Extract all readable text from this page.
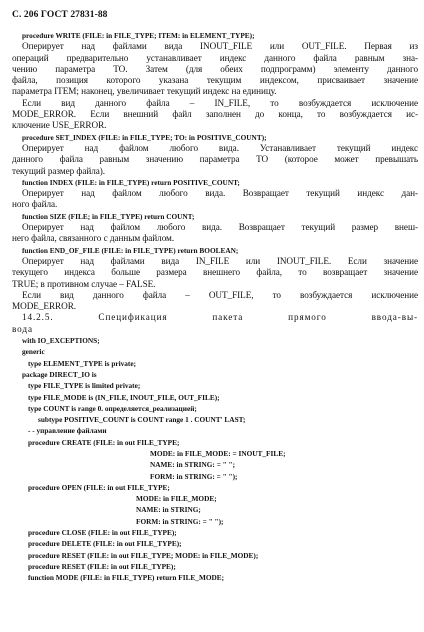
С. 206 ГОСТ 27831-88
procedure WRITE (FILE: in FILE_TYPE; ITEM: in ELEMENT_TYPE);
Оперирует над файлами вида INOUT_FILE или OUT_FILE. Первая из
операций предварительно устанавливает индекс данного файла равным зна-
чению параметра TO. Затем (для обеих подпрограмм) элементу данного
файла, позиция которого указана текущим индексом, присваивает значение
параметра ITEM; наконец, увеличивает текущий индекс на единицу.
Если вид данного файла – IN_FILE, то возбуждается исключение
MODE_ERROR. Если внешний файл заполнен до конца, то возбуждается ис-
ключение USE_ERROR.
procedure SET_INDEX (FILE: in FILE_TYPE; TO: in POSITIVE_COUNT);
Оперирует над файлом любого вида. Устанавливает текущий индекс
данного файла равным значению параметра TO (которое может превышать
текущий размер файла).
function INDEX (FILE: in FILE_TYPE) return POSITIVE_COUNT;
Оперирует над файлом любого вида. Возвращает текущий индекс дан-
ного файла.
function SIZE (FILE; in FILE_TYPE) return COUNT;
Оперирует над файлом любого вида. Возвращает текущий размер внеш-
него файла, связанного с данным файлом.
function END_OF_FILE (FILE: in FILE_TYPE) return BOOLEAN;
Оперирует над файлами вида IN_FILE или INOUT_FILE. Если значение
текущего индекса больше размера внешнего файла, то возвращает значение
TRUE; в противном случае – FALSE.
Если вид данного файла – OUT_FILE, то возбуждается исключение
MODE_ERROR.
14.2.5. Спецификация пакета прямого ввода-вы-
вода
with IO_EXCEPTIONS;
generic
type ELEMENT_TYPE is private;
package DIRECT_IO is
type FILE_TYPE is limited private;
type FILE_MODE is (IN_FILE, INOUT_FILE, OUT_FILE);
type COUNT is range 0. определяется_реализацией;
subtype POSITIVE_COUNT is COUNT range 1 . COUNT' LAST;
- - управление файлами
procedure CREATE (FILE: in out FILE_TYPE;
MODE: in FILE_MODE: = INOUT_FILE;
NAME: in STRING: = " ";
FORM: in STRING: = " ");
procedure OPEN (FILE: in out FILE_TYPE;
MODE: in FILE_MODE;
NAME: in STRING;
FORM: in STRING: = " ");
procedure CLOSE (FILE: in out FILE_TYPE);
procedure DELETE (FILE: in out FILE_TYPE);
procedure RESET (FILE: in out FILE_TYPE; MODE: in FILE_MODE);
procedure RESET (FILE: in out FILE_TYPE);
function MODE (FILE: in FILE_TYPE) return FILE_MODE;
